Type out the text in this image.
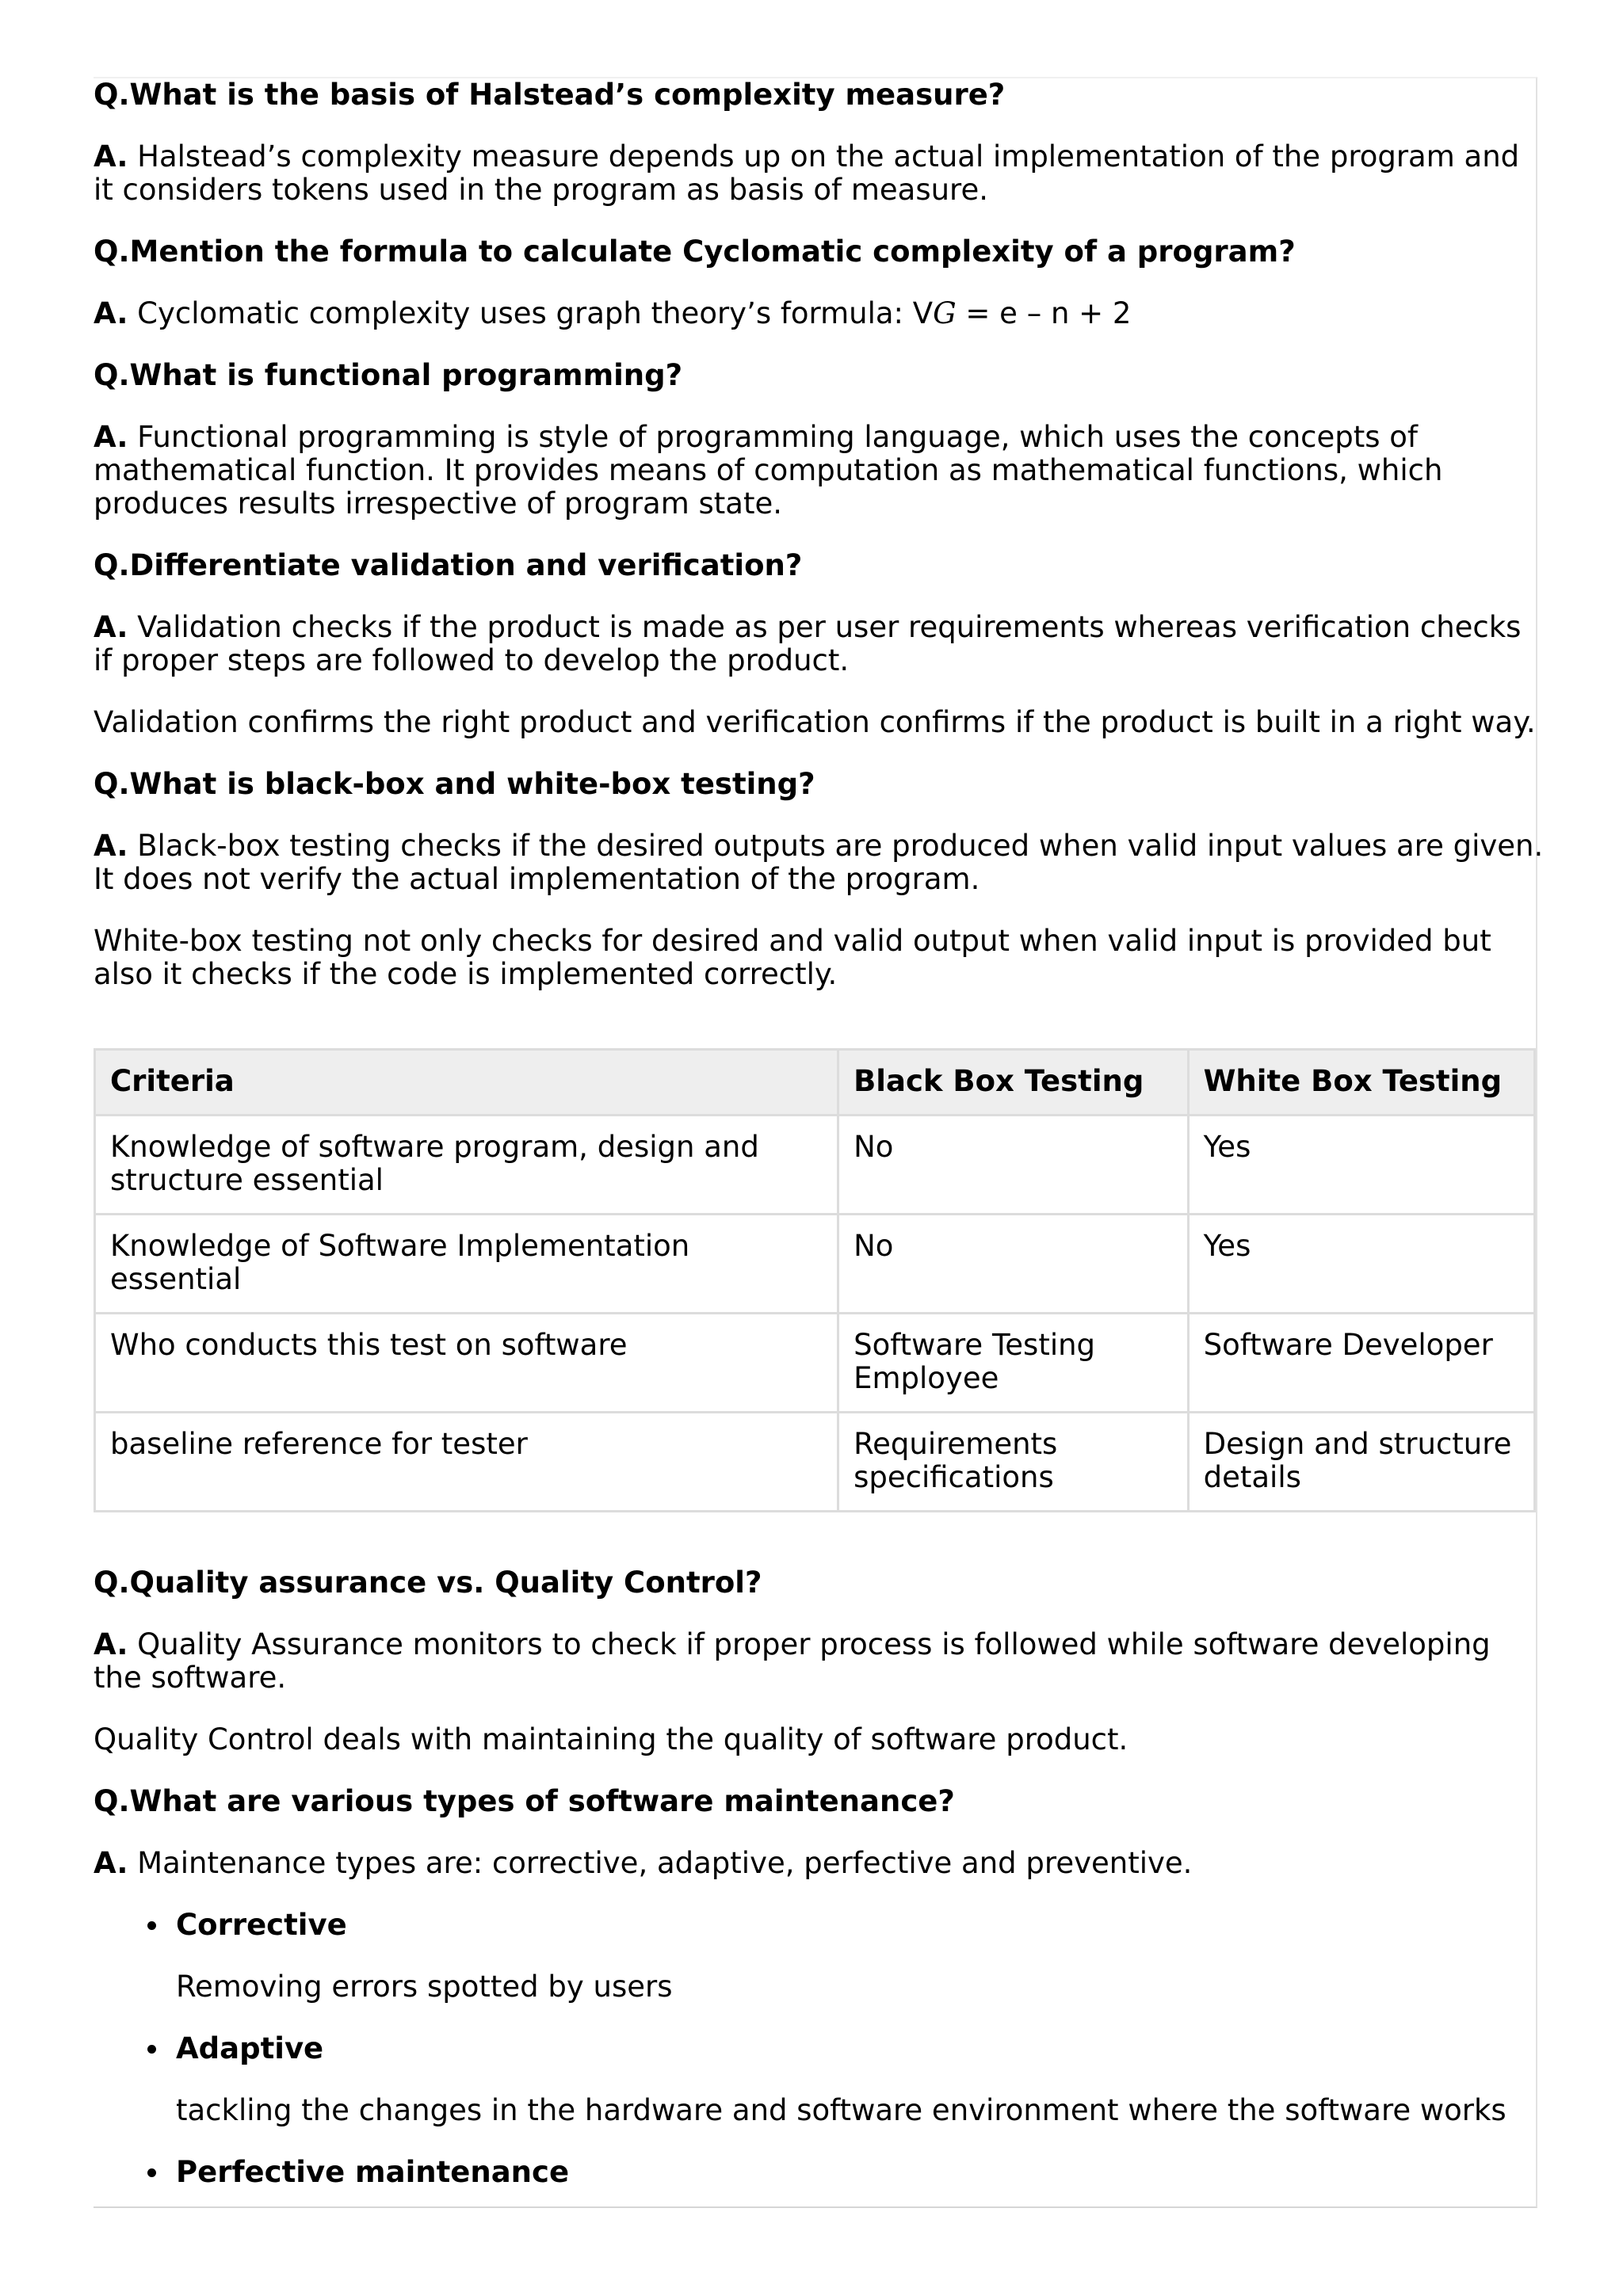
Q.What is the basis of Halstead’s complexity measure?

A. Halstead’s complexity measure depends up on the actual implementation of the program and it considers tokens used in the program as basis of measure.

Q.Mention the formula to calculate Cyclomatic complexity of a program?

A. Cyclomatic complexity uses graph theory’s formula: VG = e – n + 2

Q.What is functional programming?

A. Functional programming is style of programming language, which uses the concepts of mathematical function. It provides means of computation as mathematical functions, which produces results irrespective of program state.

Q.Differentiate validation and verification?

A. Validation checks if the product is made as per user requirements whereas verification checks if proper steps are followed to develop the product.

Validation confirms the right product and verification confirms if the product is built in a right way.

Q.What is black-box and white-box testing?

A. Black-box testing checks if the desired outputs are produced when valid input values are given. It does not verify the actual implementation of the program.

White-box testing not only checks for desired and valid output when valid input is provided but also it checks if the code is implemented correctly.

Criteria	Black Box Testing	White Box Testing
Knowledge of software program, design and structure essential	No	Yes
Knowledge of Software Implementation essential	No	Yes
Who conducts this test on software	Software Testing Employee	Software Developer
baseline reference for tester	Requirements specifications	Design and structure details

Q.Quality assurance vs. Quality Control?

A. Quality Assurance monitors to check if proper process is followed while software developing the software.

Quality Control deals with maintaining the quality of software product.

Q.What are various types of software maintenance?

A. Maintenance types are: corrective, adaptive, perfective and preventive.

Corrective
Removing errors spotted by users
Adaptive
tackling the changes in the hardware and software environment where the software works
Perfective maintenance
